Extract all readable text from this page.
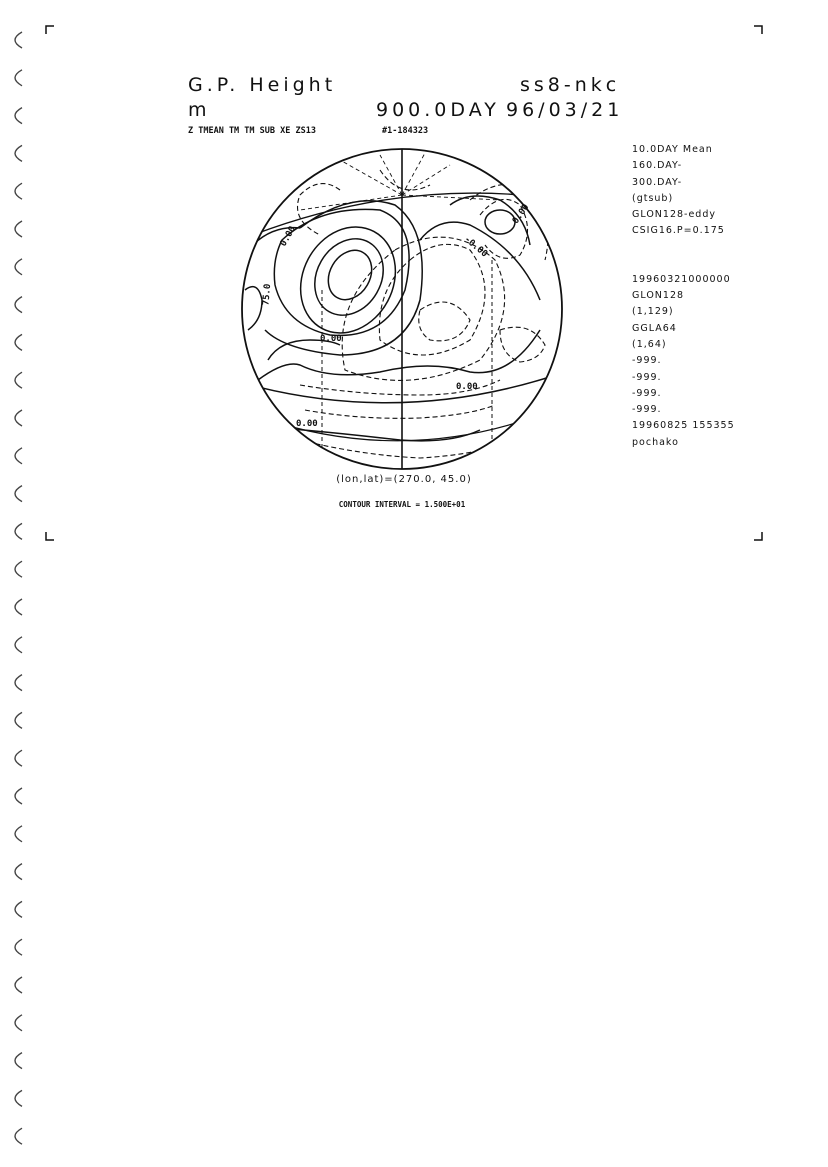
G.P. Height	ss8-nkc
m	900.0DAY 96/03/21
Z TMEAN TM TM SUB XE ZS13	#1-184323
10.0DAY Mean
160.DAY-
300.DAY-
(gtsub)
GLON128-eddy
CSIG16.P=0.175
19960321000000
GLON128
(1,129)
GGLA64
(1,64)
-999.
-999.
-999.
-999.
19960825 155355
pochako
0.00
0.00
0.00
0.00
0.00
-0.00
75.0
(lon,lat)=(270.0, 45.0)
CONTOUR INTERVAL = 1.500E+01
